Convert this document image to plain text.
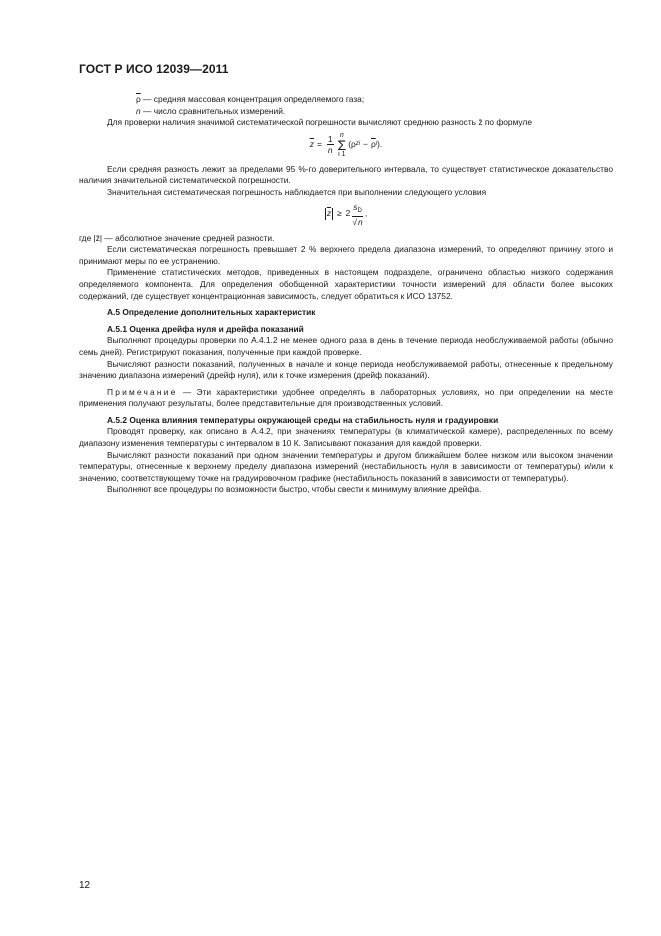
ГОСТ Р ИСО 12039—2011

$\overline{\rho}$ — средняя массовая концентрация определяемого газа;

n — число сравнительных измерений.

Для проверки наличия значимой систематической погрешности вычисляют среднюю разность z̄ по формуле

$\overline{z} = \frac{1}{n}$ n
Σ
i 1
(ρ zi − $\overline{\rho}$ i ).

Если средняя разность лежит за пределами 95 %-го доверительного интервала, то существует статистическое доказательство наличия значительной систематической погрешности.

Значительная систематическая погрешность наблюдается при выполнении следующего условия

$\overline{z} \ge 2 \frac{s_D}{√n}$ ,

где |z̄| — абсолютное значение средней разности.

Если систематическая погрешность превышает 2 % верхнего предела диапазона измерений, то определяют причину этого и принимают меры по ее устранению.

Применение статистических методов, приведенных в настоящем подразделе, ограничено областью низкого содержания определяемого компонента. Для определения обобщенной характеристики точности измерений для области более высоких содержаний, где существует концентрационная зависимость, следует обратиться к ИСО 13752.

А.5 Определение дополнительных характеристик

А.5.1 Оценка дрейфа нуля и дрейфа показаний

Выполняют процедуры проверки по А.4.1.2 не менее одного раза в день в течение периода необслуживаемой работы (обычно семь дней). Регистрируют показания, полученные при каждой проверке.

Вычисляют разности показаний, полученных в начале и конце периода необслуживаемой работы, отнесенные к предельному значению диапазона измерений (дрейф нуля), или к точке измерения (дрейф показаний).

Примечание — Эти характеристики удобнее определять в лабораторных условиях, но при определении на месте применения получают результаты, более представительные для производственных условий.

А.5.2 Оценка влияния температуры окружающей среды на стабильность нуля и градуировки

Проводят проверку, как описано в А.4.2, при значениях температуры (в климатической камере), распределенных по всему диапазону изменения температуры с интервалом в 10 К. Записывают показания для каждой проверки.

Вычисляют разности показаний при одном значении температуры и другом ближайшем более низком или высоком значении температуры, отнесенные к верхнему пределу диапазона измерений (нестабильность нуля в зависимости от температуры) и/или к значению, соответствующему точке на градуировочном графике (нестабильность показаний в зависимости от температуры).

Выполняют все процедуры по возможности быстро, чтобы свести к минимуму влияние дрейфа.

12
